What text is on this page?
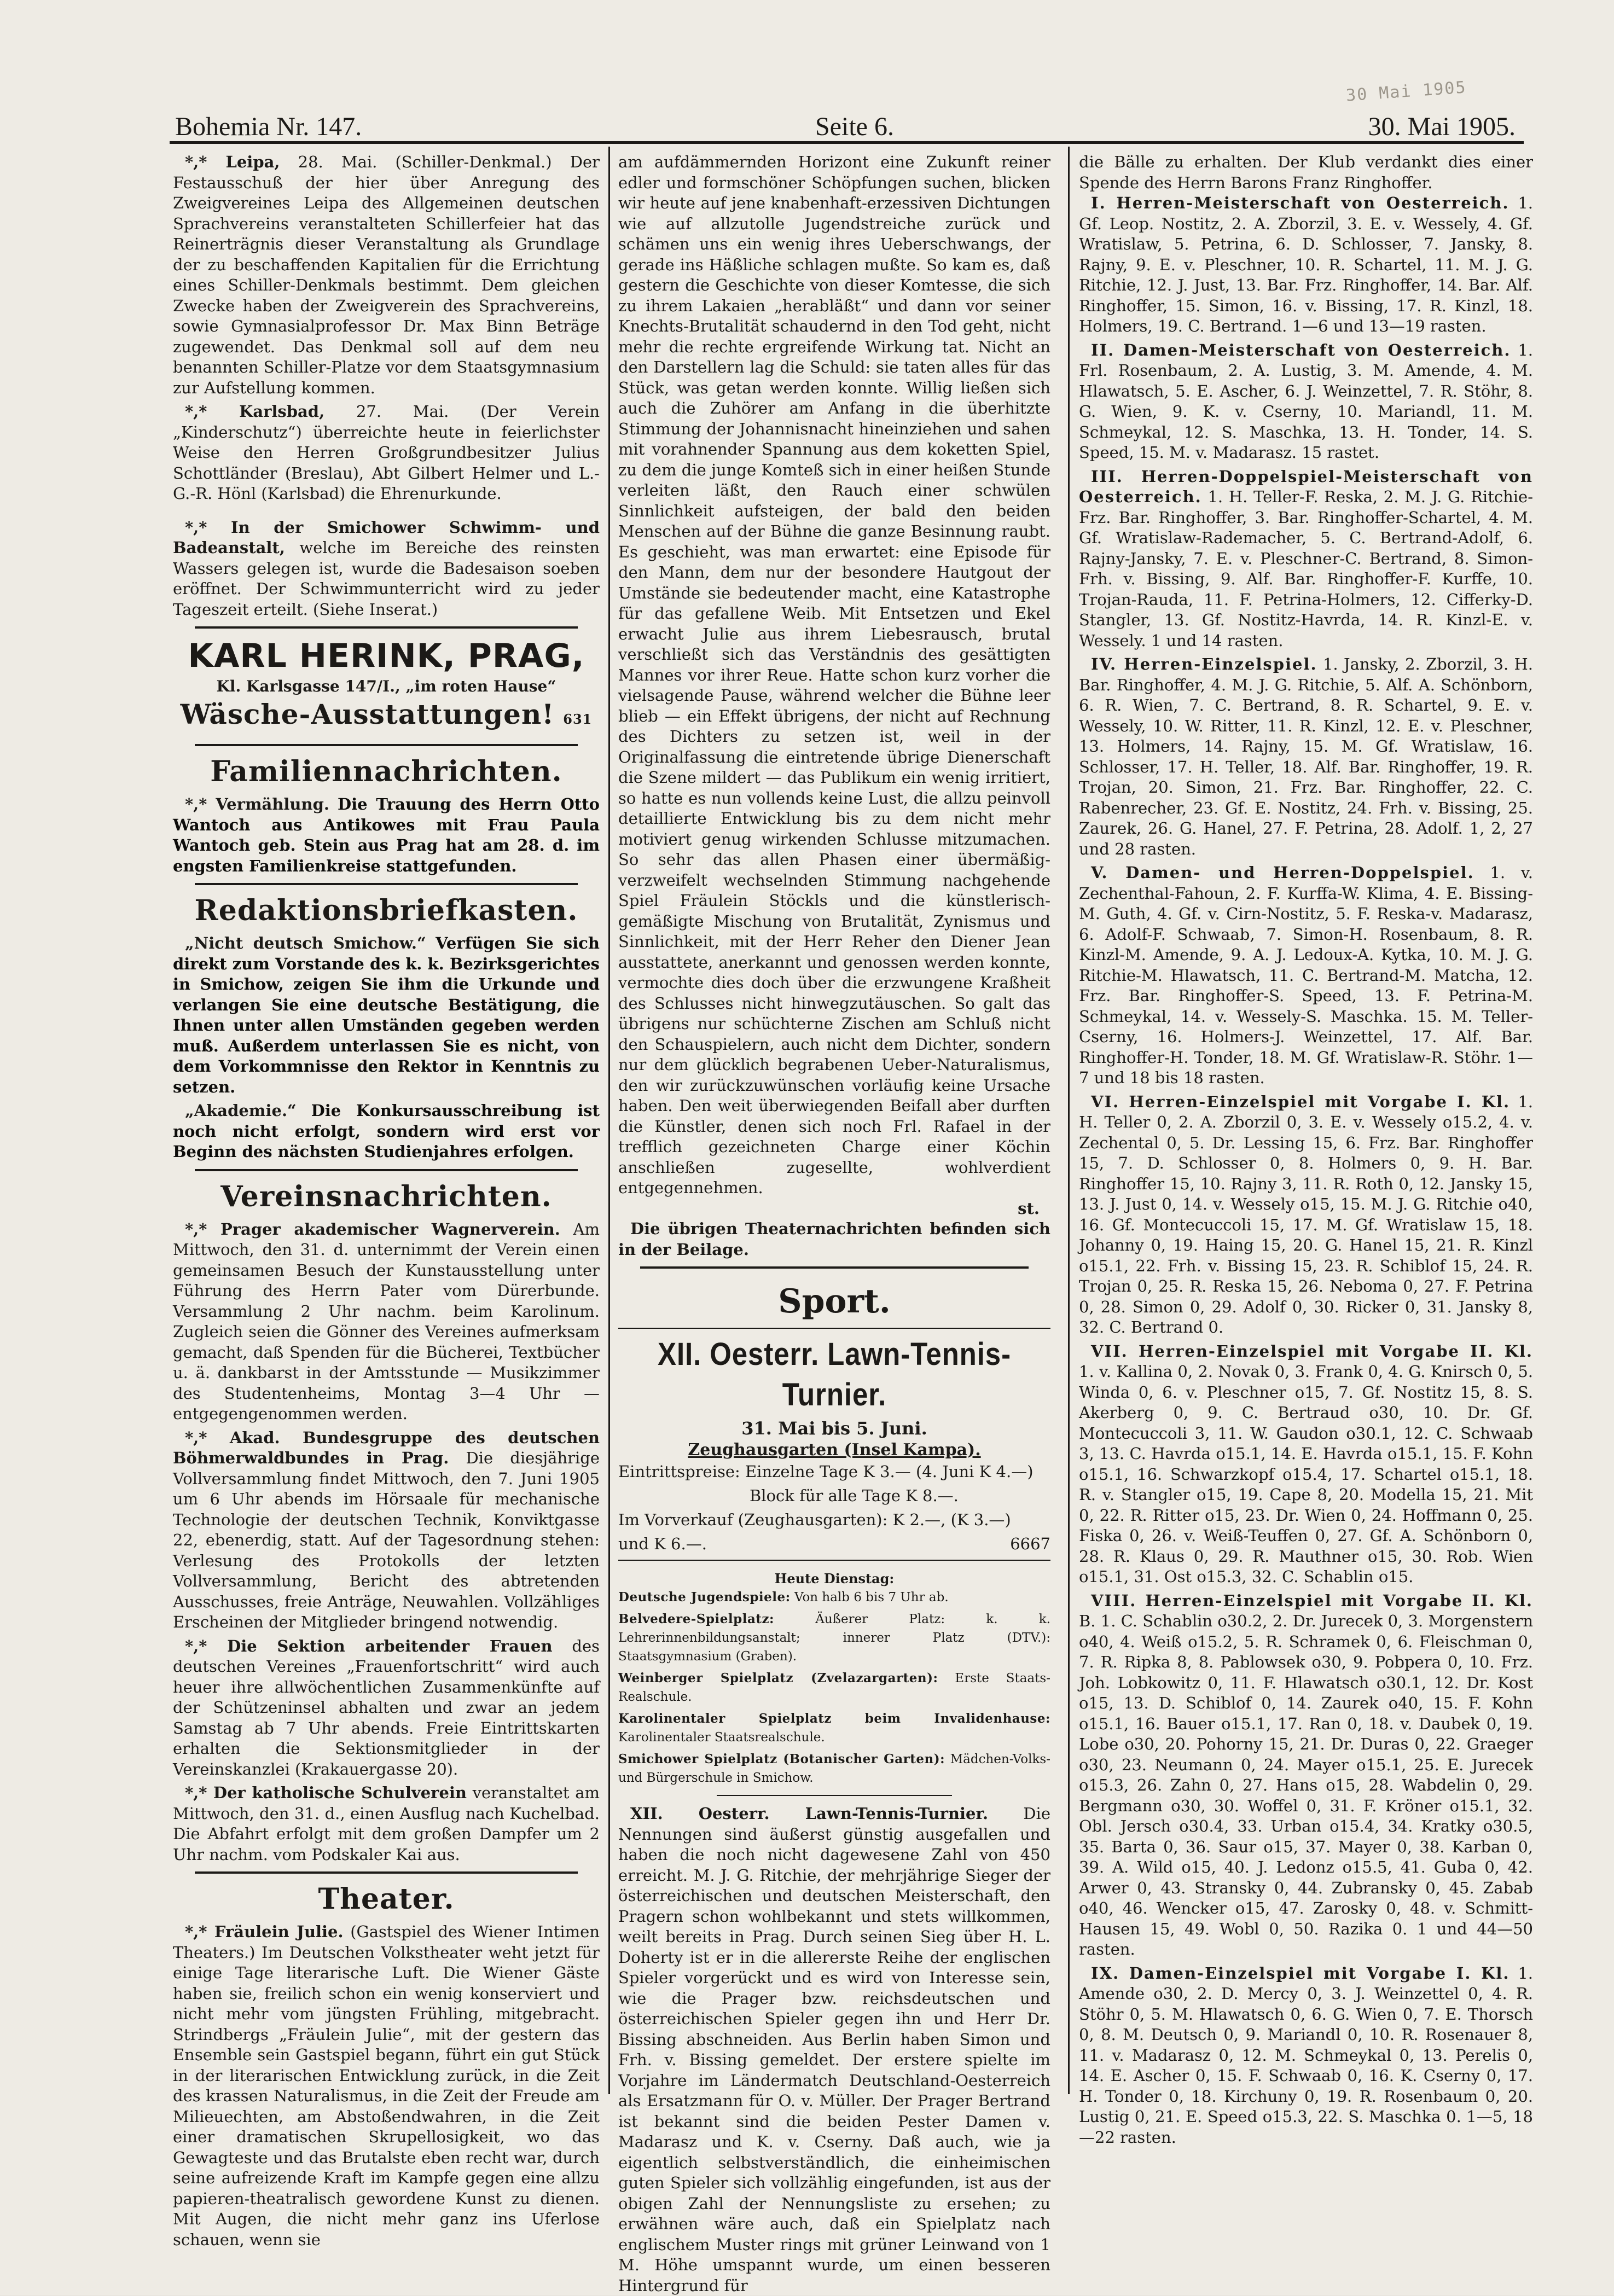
30 Mai 1905
Bohemia Nr. 147.	Seite 6.	30. Mai 1905.

*,* Leipa, 28. Mai. (Schiller-Denkmal.) Der Festausschuß der hier über Anregung des Zweigvereines Leipa des Allgemeinen deutschen Sprachvereins veranstalteten Schillerfeier hat das Reinerträgnis dieser Veranstaltung als Grundlage der zu beschaffenden Kapitalien für die Errichtung eines Schiller-Denkmals bestimmt. Dem gleichen Zwecke haben der Zweigverein des Sprachvereins, sowie Gymnasialprofessor Dr. Max Binn Beträge zugewendet. Das Denkmal soll auf dem neu benannten Schiller-Platze vor dem Staatsgymnasium zur Aufstellung kommen.

*,* Karlsbad, 27. Mai. (Der Verein „Kinderschutz“) überreichte heute in feierlichster Weise den Herren Großgrundbesitzer Julius Schottländer (Breslau), Abt Gilbert Helmer und L.-G.-R. Hönl (Karlsbad) die Ehrenurkunde.

*,* In der Smichower Schwimm- und Badeanstalt, welche im Bereiche des reinsten Wassers gelegen ist, wurde die Badesaison soeben eröffnet. Der Schwimmunterricht wird zu jeder Tageszeit erteilt. (Siehe Inserat.)

KARL HERINK, PRAG,
Kl. Karlsgasse 147/I., „im roten Hause“
Wäsche-Ausstattungen! 631
Familiennachrichten.

*,* Vermählung. Die Trauung des Herrn Otto Wantoch aus Antikowes mit Frau Paula Wantoch geb. Stein aus Prag hat am 28. d. im engsten Familienkreise stattgefunden.

Redaktionsbriefkasten.

„Nicht deutsch Smichow.“ Verfügen Sie sich direkt zum Vorstande des k. k. Bezirksgerichtes in Smichow, zeigen Sie ihm die Urkunde und verlangen Sie eine deutsche Bestätigung, die Ihnen unter allen Umständen gegeben werden muß. Außerdem unterlassen Sie es nicht, von dem Vorkommnisse den Rektor in Kenntnis zu setzen.

„Akademie.“ Die Konkursausschreibung ist noch nicht erfolgt, sondern wird erst vor Beginn des nächsten Studienjahres erfolgen.

Vereinsnachrichten.

*,* Prager akademischer Wagnerverein. Am Mittwoch, den 31. d. unternimmt der Verein einen gemeinsamen Besuch der Kunstausstellung unter Führung des Herrn Pater vom Dürerbunde. Versammlung 2 Uhr nachm. beim Karolinum. Zugleich seien die Gönner des Vereines aufmerksam gemacht, daß Spenden für die Bücherei, Textbücher u. ä. dankbarst in der Amtsstunde — Musikzimmer des Studentenheims, Montag 3—4 Uhr — entgegengenommen werden.

*,* Akad. Bundesgruppe des deutschen Böhmerwaldbundes in Prag. Die diesjährige Vollversammlung findet Mittwoch, den 7. Juni 1905 um 6 Uhr abends im Hörsaale für mechanische Technologie der deutschen Technik, Konviktgasse 22, ebenerdig, statt. Auf der Tagesordnung stehen: Verlesung des Protokolls der letzten Vollversammlung, Bericht des abtretenden Ausschusses, freie Anträge, Neuwahlen. Vollzähliges Erscheinen der Mitglieder bringend notwendig.

*,* Die Sektion arbeitender Frauen des deutschen Vereines „Frauenfortschritt“ wird auch heuer ihre allwöchentlichen Zusammenkünfte auf der Schützeninsel abhalten und zwar an jedem Samstag ab 7 Uhr abends. Freie Eintrittskarten erhalten die Sektionsmitglieder in der Vereinskanzlei (Krakauergasse 20).

*,* Der katholische Schulverein veranstaltet am Mittwoch, den 31. d., einen Ausflug nach Kuchelbad. Die Abfahrt erfolgt mit dem großen Dampfer um 2 Uhr nachm. vom Podskaler Kai aus.

Theater.

*,* Fräulein Julie. (Gastspiel des Wiener Intimen Theaters.) Im Deutschen Volkstheater weht jetzt für einige Tage literarische Luft. Die Wiener Gäste haben sie, freilich schon ein wenig konserviert und nicht mehr vom jüngsten Frühling, mitgebracht. Strindbergs „Fräulein Julie“, mit der gestern das Ensemble sein Gastspiel begann, führt ein gut Stück in der literarischen Entwicklung zurück, in die Zeit des krassen Naturalismus, in die Zeit der Freude am Milieuechten, am Abstoßendwahren, in die Zeit einer dramatischen Skrupellosigkeit, wo das Gewagteste und das Brutalste eben recht war, durch seine aufreizende Kraft im Kampfe gegen eine allzu papieren-theatralisch gewordene Kunst zu dienen. Mit Augen, die nicht mehr ganz ins Uferlose schauen, wenn sie

am aufdämmernden Horizont eine Zukunft reiner edler und formschöner Schöpfungen suchen, blicken wir heute auf jene knabenhaft-erzessiven Dichtungen wie auf allzutolle Jugendstreiche zurück und schämen uns ein wenig ihres Ueberschwangs, der gerade ins Häßliche schlagen mußte. So kam es, daß gestern die Geschichte von dieser Komtesse, die sich zu ihrem Lakaien „herabläßt“ und dann vor seiner Knechts-Brutalität schaudernd in den Tod geht, nicht mehr die rechte ergreifende Wirkung tat. Nicht an den Darstellern lag die Schuld: sie taten alles für das Stück, was getan werden konnte. Willig ließen sich auch die Zuhörer am Anfang in die überhitzte Stimmung der Johannisnacht hineinziehen und sahen mit vorahnender Spannung aus dem koketten Spiel, zu dem die junge Komteß sich in einer heißen Stunde verleiten läßt, den Rauch einer schwülen Sinnlichkeit aufsteigen, der bald den beiden Menschen auf der Bühne die ganze Besinnung raubt. Es geschieht, was man erwartet: eine Episode für den Mann, dem nur der besondere Hautgout der Umstände sie bedeutender macht, eine Katastrophe für das gefallene Weib. Mit Entsetzen und Ekel erwacht Julie aus ihrem Liebesrausch, brutal verschließt sich das Verständnis des gesättigten Mannes vor ihrer Reue. Hatte schon kurz vorher die vielsagende Pause, während welcher die Bühne leer blieb — ein Effekt übrigens, der nicht auf Rechnung des Dichters zu setzen ist, weil in der Originalfassung die eintretende übrige Dienerschaft die Szene mildert — das Publikum ein wenig irritiert, so hatte es nun vollends keine Lust, die allzu peinvoll detaillierte Entwicklung bis zu dem nicht mehr motiviert genug wirkenden Schlusse mitzumachen. So sehr das allen Phasen einer übermäßig-verzweifelt wechselnden Stimmung nachgehende Spiel Fräulein Stöckls und die künstlerisch-gemäßigte Mischung von Brutalität, Zynismus und Sinnlichkeit, mit der Herr Reher den Diener Jean ausstattete, anerkannt und genossen werden konnte, vermochte dies doch über die erzwungene Kraßheit des Schlusses nicht hinwegzutäuschen. So galt das übrigens nur schüchterne Zischen am Schluß nicht den Schauspielern, auch nicht dem Dichter, sondern nur dem glücklich begrabenen Ueber-Naturalismus, den wir zurückzuwünschen vorläufig keine Ursache haben. Den weit überwiegenden Beifall aber durften die Künstler, denen sich noch Frl. Rafael in der trefflich gezeichneten Charge einer Köchin anschließen zugesellte, wohlverdient entgegennehmen.

st.

Die übrigen Theaternachrichten befinden sich in der Beilage.

Sport.
XII. Oesterr. Lawn-Tennis-Turnier.
31. Mai bis 5. Juni.
Zeughausgarten (Insel Kampa).

Eintrittspreise: Einzelne Tage K 3.— (4. Juni K 4.—)

Block für alle Tage K 8.—.

Im Vorverkauf (Zeughausgarten): K 2.—, (K 3.—)

und K 6.—.	6667

Heute Dienstag:

Deutsche Jugendspiele: Von halb 6 bis 7 Uhr ab.

Belvedere-Spielplatz:	Äußerer Platz: k. k. Lehrerinnenbildungsanstalt; innerer Platz (DTV.): Staatsgymnasium (Graben).

Weinberger Spielplatz (Zvelazargarten): Erste Staats-Realschule.

Karolinentaler Spielplatz beim Invalidenhause: Karolinentaler Staatsrealschule.

Smichower Spielplatz (Botanischer Garten): Mädchen-Volks- und Bürgerschule in Smichow.

XII. Oesterr. Lawn-Tennis-Turnier. Die Nennungen sind äußerst günstig ausgefallen und haben die noch nicht dagewesene Zahl von 450 erreicht. M. J. G. Ritchie, der mehrjährige Sieger der österreichischen und deutschen Meisterschaft, den Pragern schon wohlbekannt und stets willkommen, weilt bereits in Prag. Durch seinen Sieg über H. L. Doherty ist er in die allererste Reihe der englischen Spieler vorgerückt und es wird von Interesse sein, wie die Prager bzw. reichsdeutschen und österreichischen Spieler gegen ihn und Herr Dr. Bissing abschneiden. Aus Berlin haben Simon und Frh. v. Bissing gemeldet. Der erstere spielte im Vorjahre im Ländermatch Deutschland-Oesterreich als Ersatzmann für O. v. Müller. Der Prager Bertrand ist bekannt sind die beiden Pester Damen v. Madarasz und K. v. Cserny. Daß auch, wie ja eigentlich selbstverständlich, die einheimischen guten Spieler sich vollzählig eingefunden, ist aus der obigen Zahl der Nennungsliste zu ersehen; zu erwähnen wäre auch, daß ein Spielplatz nach englischem Muster rings mit grüner Leinwand von 1 M. Höhe umspannt wurde, um einen besseren Hintergrund für

die Bälle zu erhalten. Der Klub verdankt dies einer Spende des Herrn Barons Franz Ringhoffer.

I. Herren-Meisterschaft von Oesterreich. 1. Gf. Leop. Nostitz, 2. A. Zborzil, 3. E. v. Wessely, 4. Gf. Wratislaw, 5. Petrina, 6. D. Schlosser, 7. Jansky, 8. Rajny, 9. E. v. Pleschner, 10. R. Schartel, 11. M. J. G. Ritchie, 12. J. Just, 13. Bar. Frz. Ringhoffer, 14. Bar. Alf. Ringhoffer, 15. Simon, 16. v. Bissing, 17. R. Kinzl, 18. Holmers, 19. C. Bertrand. 1—6 und 13—19 rasten.

II. Damen-Meisterschaft von Oesterreich. 1. Frl. Rosenbaum, 2. A. Lustig, 3. M. Amende, 4. M. Hlawatsch, 5. E. Ascher, 6. J. Weinzettel, 7. R. Stöhr, 8. G. Wien, 9. K. v. Cserny, 10. Mariandl, 11. M. Schmeykal, 12. S. Maschka, 13. H. Tonder, 14. S. Speed, 15. M. v. Madarasz. 15 rastet.

III. Herren-Doppelspiel-Meisterschaft von Oesterreich. 1. H. Teller-F. Reska, 2. M. J. G. Ritchie-Frz. Bar. Ringhoffer, 3. Bar. Ringhoffer-Schartel, 4. M. Gf. Wratislaw-Rademacher, 5. C. Bertrand-Adolf, 6. Rajny-Jansky, 7. E. v. Pleschner-C. Bertrand, 8. Simon-Frh. v. Bissing, 9. Alf. Bar. Ringhoffer-F. Kurffe, 10. Trojan-Rauda, 11. F. Petrina-Holmers, 12. Cifferky-D. Stangler, 13. Gf. Nostitz-Havrda, 14. R. Kinzl-E. v. Wessely. 1 und 14 rasten.

IV. Herren-Einzelspiel. 1. Jansky, 2. Zborzil, 3. H. Bar. Ringhoffer, 4. M. J. G. Ritchie, 5. Alf. A. Schönborn, 6. R. Wien, 7. C. Bertrand, 8. R. Schartel, 9. E. v. Wessely, 10. W. Ritter, 11. R. Kinzl, 12. E. v. Pleschner, 13. Holmers, 14. Rajny, 15. M. Gf. Wratislaw, 16. Schlosser, 17. H. Teller, 18. Alf. Bar. Ringhoffer, 19. R. Trojan, 20. Simon, 21. Frz. Bar. Ringhoffer, 22. C. Rabenrecher, 23. Gf. E. Nostitz, 24. Frh. v. Bissing, 25. Zaurek, 26. G. Hanel, 27. F. Petrina, 28. Adolf. 1, 2, 27 und 28 rasten.

V. Damen- und Herren-Doppelspiel. 1. v. Zechenthal-Fahoun, 2. F. Kurffa-W. Klima, 4. E. Bissing-M. Guth, 4. Gf. v. Cirn-Nostitz, 5. F. Reska-v. Madarasz, 6. Adolf-F. Schwaab, 7. Simon-H. Rosenbaum, 8. R. Kinzl-M. Amende, 9. A. J. Ledoux-A. Kytka, 10. M. J. G. Ritchie-M. Hlawatsch, 11. C. Bertrand-M. Matcha, 12. Frz. Bar. Ringhoffer-S. Speed, 13. F. Petrina-M. Schmeykal, 14. v. Wessely-S. Maschka. 15. M. Teller-Cserny, 16. Holmers-J. Weinzettel, 17. Alf. Bar. Ringhoffer-H. Tonder, 18. M. Gf. Wratislaw-R. Stöhr. 1—7 und 18 bis 18 rasten.

VI. Herren-Einzelspiel mit Vorgabe I. Kl. 1. H. Teller 0, 2. A. Zborzil 0, 3. E. v. Wessely o15.2, 4. v. Zechental 0, 5. Dr. Lessing 15, 6. Frz. Bar. Ringhoffer 15, 7. D. Schlosser 0, 8. Holmers 0, 9. H. Bar. Ringhoffer 15, 10. Rajny 3, 11. R. Roth 0, 12. Jansky 15, 13. J. Just 0, 14. v. Wessely o15, 15. M. J. G. Ritchie o40, 16. Gf. Montecuccoli 15, 17. M. Gf. Wratislaw 15, 18. Johanny 0, 19. Haing 15, 20. G. Hanel 15, 21. R. Kinzl o15.1, 22. Frh. v. Bissing 15, 23. R. Schiblof 15, 24. R. Trojan 0, 25. R. Reska 15, 26. Neboma 0, 27. F. Petrina 0, 28. Simon 0, 29. Adolf 0, 30. Ricker 0, 31. Jansky 8, 32. C. Bertrand 0.

VII. Herren-Einzelspiel mit Vorgabe II. Kl. 1. v. Kallina 0, 2. Novak 0, 3. Frank 0, 4. G. Knirsch 0, 5. Winda 0, 6. v. Pleschner o15, 7. Gf. Nostitz 15, 8. S. Akerberg 0, 9. C. Bertraud o30, 10. Dr. Gf. Montecuccoli 3, 11. W. Gaudon o30.1, 12. C. Schwaab 3, 13. C. Havrda o15.1, 14. E. Havrda o15.1, 15. F. Kohn o15.1, 16. Schwarzkopf o15.4, 17. Schartel o15.1, 18. R. v. Stangler o15, 19. Cape 8, 20. Modella 15, 21. Mit 0, 22. R. Ritter o15, 23. Dr. Wien 0, 24. Hoffmann 0, 25. Fiska 0, 26. v. Weiß-Teuffen 0, 27. Gf. A. Schönborn 0, 28. R. Klaus 0, 29. R. Mauthner o15, 30. Rob. Wien o15.1, 31. Ost o15.3, 32. C. Schablin o15.

VIII. Herren-Einzelspiel mit Vorgabe II. Kl. B. 1. C. Schablin o30.2, 2. Dr. Jurecek 0, 3. Morgenstern o40, 4. Weiß o15.2, 5. R. Schramek 0, 6. Fleischman 0, 7. R. Ripka 8, 8. Pablowsek o30, 9. Pobpera 0, 10. Frz. Joh. Lobkowitz 0, 11. F. Hlawatsch o30.1, 12. Dr. Kost o15, 13. D. Schiblof 0, 14. Zaurek o40, 15. F. Kohn o15.1, 16. Bauer o15.1, 17. Ran 0, 18. v. Daubek 0, 19. Lobe o30, 20. Pohorny 15, 21. Dr. Duras 0, 22. Graeger o30, 23. Neumann 0, 24. Mayer o15.1, 25. E. Jurecek o15.3, 26. Zahn 0, 27. Hans o15, 28. Wabdelin 0, 29. Bergmann o30, 30. Woffel 0, 31. F. Kröner o15.1, 32. Obl. Jersch o30.4, 33. Urban o15.4, 34. Kratky o30.5, 35. Barta 0, 36. Saur o15, 37. Mayer 0, 38. Karban 0, 39. A. Wild o15, 40. J. Ledonz o15.5, 41. Guba 0, 42. Arwer 0, 43. Stransky 0, 44. Zubransky 0, 45. Zabab o40, 46. Wencker o15, 47. Zarosky 0, 48. v. Schmitt-Hausen 15, 49. Wobl 0, 50. Razika 0. 1 und 44—50 rasten.

IX. Damen-Einzelspiel mit Vorgabe I. Kl. 1. Amende o30, 2. D. Mercy 0, 3. J. Weinzettel 0, 4. R. Stöhr 0, 5. M. Hlawatsch 0, 6. G. Wien 0, 7. E. Thorsch 0, 8. M. Deutsch 0, 9. Mariandl 0, 10. R. Rosenauer 8, 11. v. Madarasz 0, 12. M. Schmeykal 0, 13. Perelis 0, 14. E. Ascher 0, 15. F. Schwaab 0, 16. K. Cserny 0, 17. H. Tonder 0, 18. Kirchuny 0, 19. R. Rosenbaum 0, 20. Lustig 0, 21. E. Speed o15.3, 22. S. Maschka 0. 1—5, 18—22 rasten.
